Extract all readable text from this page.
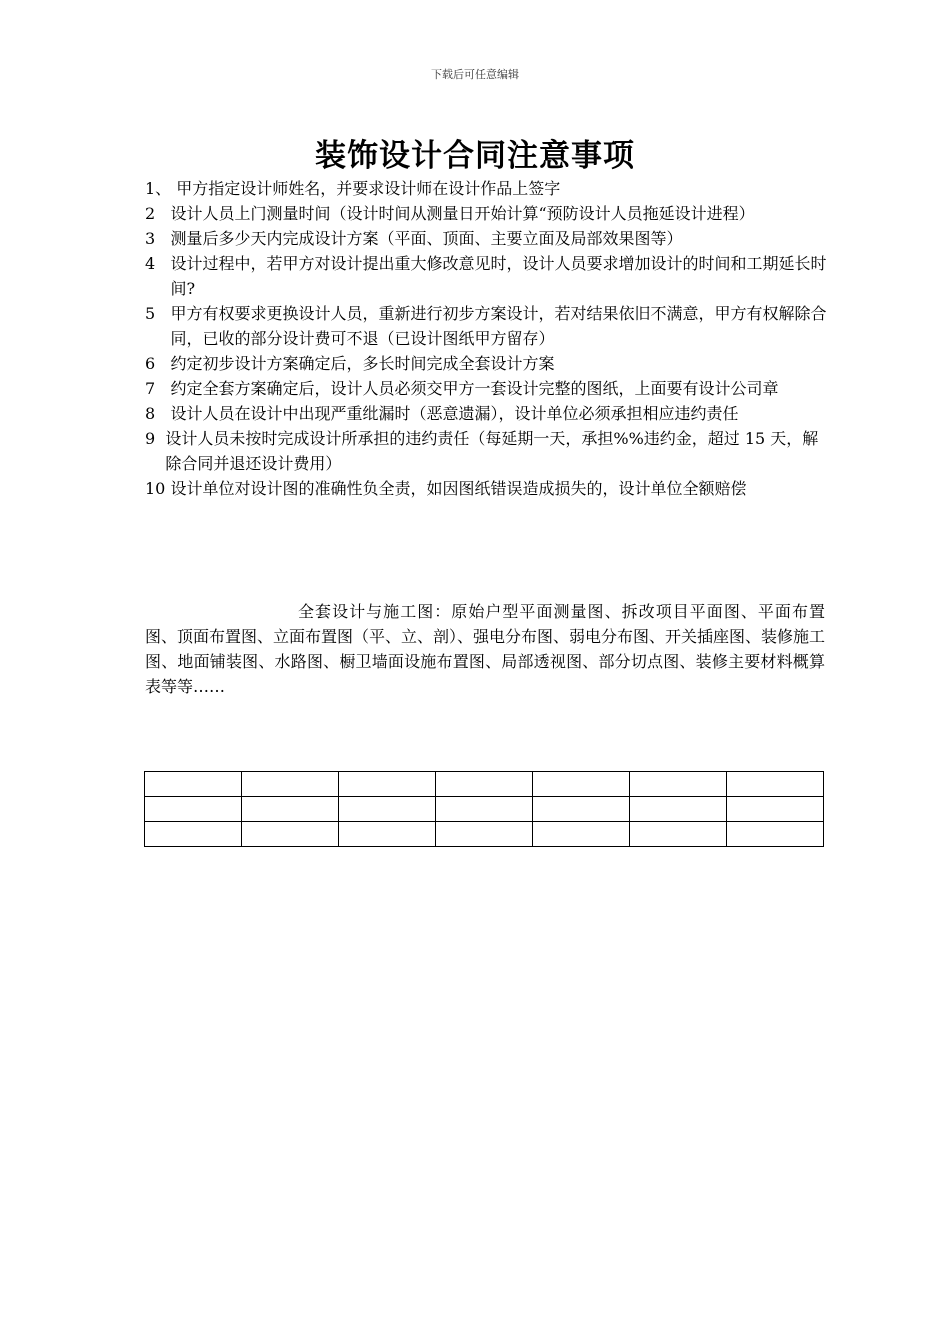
下载后可任意编辑
装饰设计合同注意事项
1、 甲方指定设计师姓名，并要求设计师在设计作品上签字
2 设计人员上门测量时间（设计时间从测量日开始计算“预防设计人员拖延设计进程）
3 测量后多少天内完成设计方案（平面、顶面、主要立面及局部效果图等）
4 设计过程中，若甲方对设计提出重大修改意见时，设计人员要求增加设计的时间和工期延长时间?
5 甲方有权要求更换设计人员，重新进行初步方案设计，若对结果依旧不满意，甲方有权解除合同，已收的部分设计费可不退（已设计图纸甲方留存）
6 约定初步设计方案确定后，多长时间完成全套设计方案
7 约定全套方案确定后，设计人员必须交甲方一套设计完整的图纸，上面要有设计公司章
8 设计人员在设计中出现严重纰漏时（恶意遗漏），设计单位必须承担相应违约责任
9 设计人员未按时完成设计所承担的违约责任（每延期一天，承担%%违约金，超过 15 天，解除合同并退还设计费用）
10 设计单位对设计图的准确性负全责，如因图纸错误造成损失的，设计单位全额赔偿
全套设计与施工图：原始户型平面测量图、拆改项目平面图、平面布置图、顶面布置图、立面布置图（平、立、剖）、强电分布图、弱电分布图、开关插座图、装修施工图、地面铺装图、水路图、橱卫墙面设施布置图、局部透视图、部分切点图、装修主要材料概算表等等……
